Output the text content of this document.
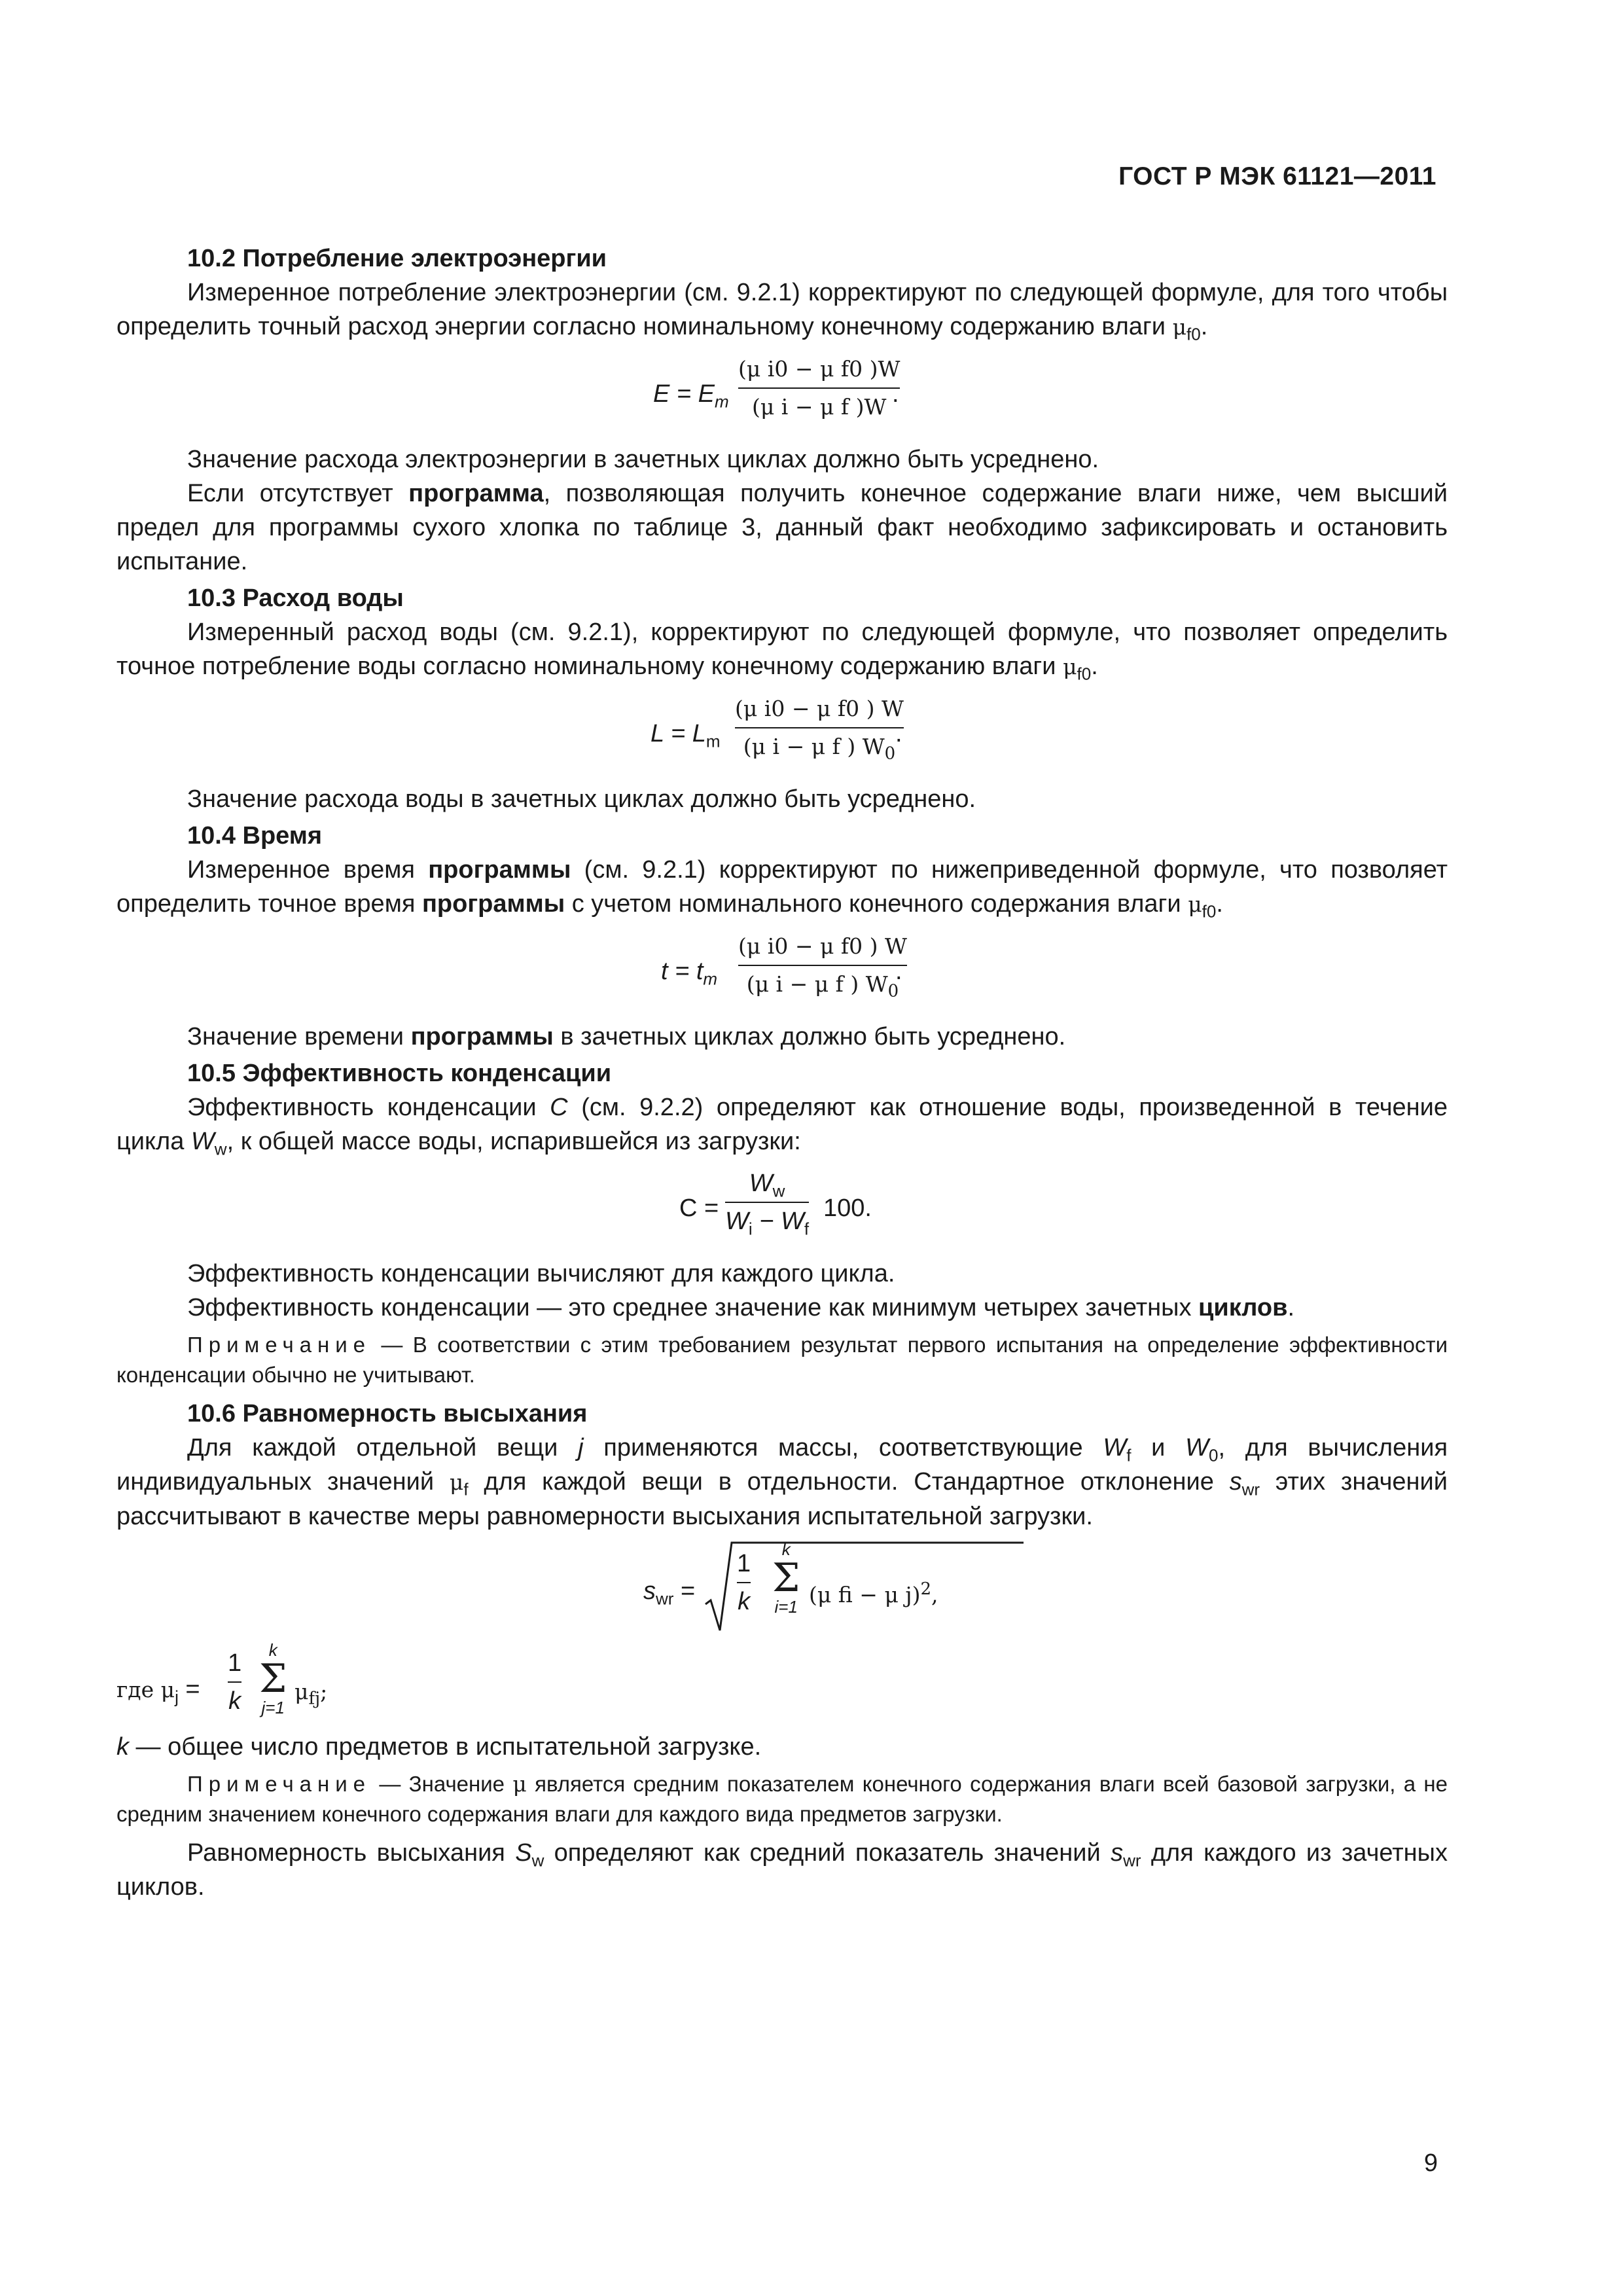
ГОСТ Р МЭК 61121—2011

10.2 Потребление электроэнергии

Измеренное потребление электроэнергии (см. 9.2.1) корректируют по следующей формуле, для того чтобы определить точный расход энергии согласно номинальному конечному содержанию влаги $\mu_{f0}$.

$E = E_m$
(μ i0 − μ f0 )W
(μ i − μ f )W .

Значение расхода электроэнергии в зачетных циклах должно быть усреднено.

Если отсутствует программа, позволяющая получить конечное содержание влаги ниже, чем высший предел для программы сухого хлопка по таблице 3, данный факт необходимо зафиксировать и остановить испытание.

10.3 Расход воды

Измеренный расход воды (см. 9.2.1), корректируют по следующей формуле, что позволяет определить точное потребление воды согласно номинальному конечному содержанию влаги $\mu_{f0}$.

$L = L_m$
(μ i0 − μ f0 ) W
(μ i − μ f ) $W_0$
.

Значение расхода воды в зачетных циклах должно быть усреднено.

10.4 Время

Измеренное время программы (см. 9.2.1) корректируют по нижеприведенной формуле, что позволяет определить точное время программы с учетом номинального конечного содержания влаги $\mu_{f0}$.

$t = t_m$
(μ i0 − μ f0 ) W
(μ i − μ f ) $W_0$
.

Значение времени программы в зачетных циклах должно быть усреднено.

10.5 Эффективность конденсации

Эффективность конденсации C (см. 9.2.2) определяют как отношение воды, произведенной в течение цикла $W_w$, к общей массе воды, испарившейся из загрузки:

C =
$W_w$
$W_i - W_f$
100.

Эффективность конденсации вычисляют для каждого цикла.

Эффективность конденсации — это среднее значение как минимум четырех зачетных циклов.

Примечание — В соответствии с этим требованием результат первого испытания на определение эффективности конденсации обычно не учитывают.

10.6 Равномерность высыхания

Для каждой отдельной вещи j применяются массы, соответствующие $W_f$ и $W_0$, для вычисления индивидуальных значений $\mu_f$ для каждой вещи в отдельности. Стандартное отклонение $s_{wr}$ этих значений рассчитывают в качестве меры равномерности высыхания испытательной загрузки.

$s_{wr}$ =
1
k
k
Σ
i=1 (μ fi − μ j)$^2$,
где $\mu_j$ =
1
k
k
Σ
j=1
$\mu_{fj}$;

k — общее число предметов в испытательной загрузке.

Примечание — Значение μ является средним показателем конечного содержания влаги всей базовой загрузки, а не средним значением конечного содержания влаги для каждого вида предметов загрузки.

Равномерность высыхания $S_w$ определяют как средний показатель значений $s_{wr}$ для каждого из зачетных циклов.

9
